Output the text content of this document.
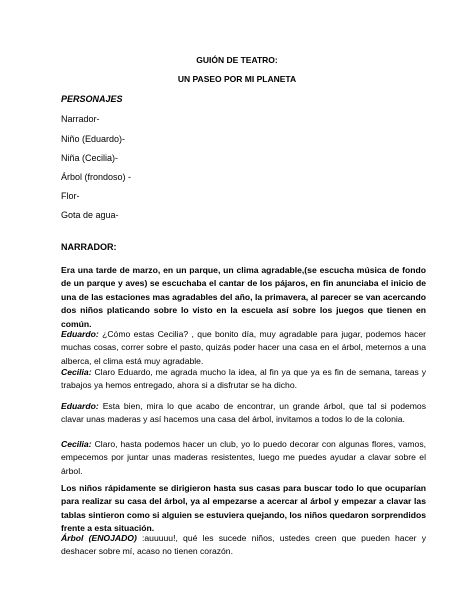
GUIÓN DE TEATRO:

UN PASEO POR MI PLANETA

PERSONAJES

Narrador-

Niño (Eduardo)-

Niña (Cecilia)-

Árbol (frondoso) -

Flor-

Gota de agua-

NARRADOR:

Era una tarde de marzo, en un parque, un clima agradable,(se escucha música de fondo de un parque y aves) se escuchaba el cantar de los pájaros, en fin anunciaba el inicio de una de las estaciones mas agradables del año, la primavera, al parecer se van acercando dos niños platicando sobre lo visto en la escuela así sobre los juegos que tienen en común.

Eduardo: ¿Cómo estas Cecilia? , que bonito día, muy agradable para jugar, podemos hacer muchas cosas, correr sobre el pasto, quizás poder hacer una casa en el árbol, meternos a una alberca, el clima está muy agradable.

Cecilia: Claro Eduardo, me agrada mucho la idea, al fin ya que ya es fin de semana, tareas y trabajos ya hemos entregado, ahora si a disfrutar se ha dicho.

Eduardo: Esta bien, mira lo que acabo de encontrar, un grande árbol, que tal si podemos clavar unas maderas y así hacemos una casa del árbol, invitamos a todos lo de la colonia.

Cecilia: Claro, hasta podemos hacer un club, yo lo puedo decorar con algunas flores, vamos, empecemos por juntar unas maderas resistentes, luego me puedes ayudar a clavar sobre el árbol.

Los niños rápidamente se dirigieron hasta sus casas para buscar todo lo que ocuparían para realizar su casa del árbol, ya al empezarse a acercar al árbol y empezar a clavar las tablas sintieron como si alguien se estuviera quejando, los niños quedaron sorprendidos frente a esta situación.

Árbol (ENOJADO) :auuuuu!, qué les sucede niños, ustedes creen que pueden hacer y deshacer sobre mí, acaso no tienen corazón.
